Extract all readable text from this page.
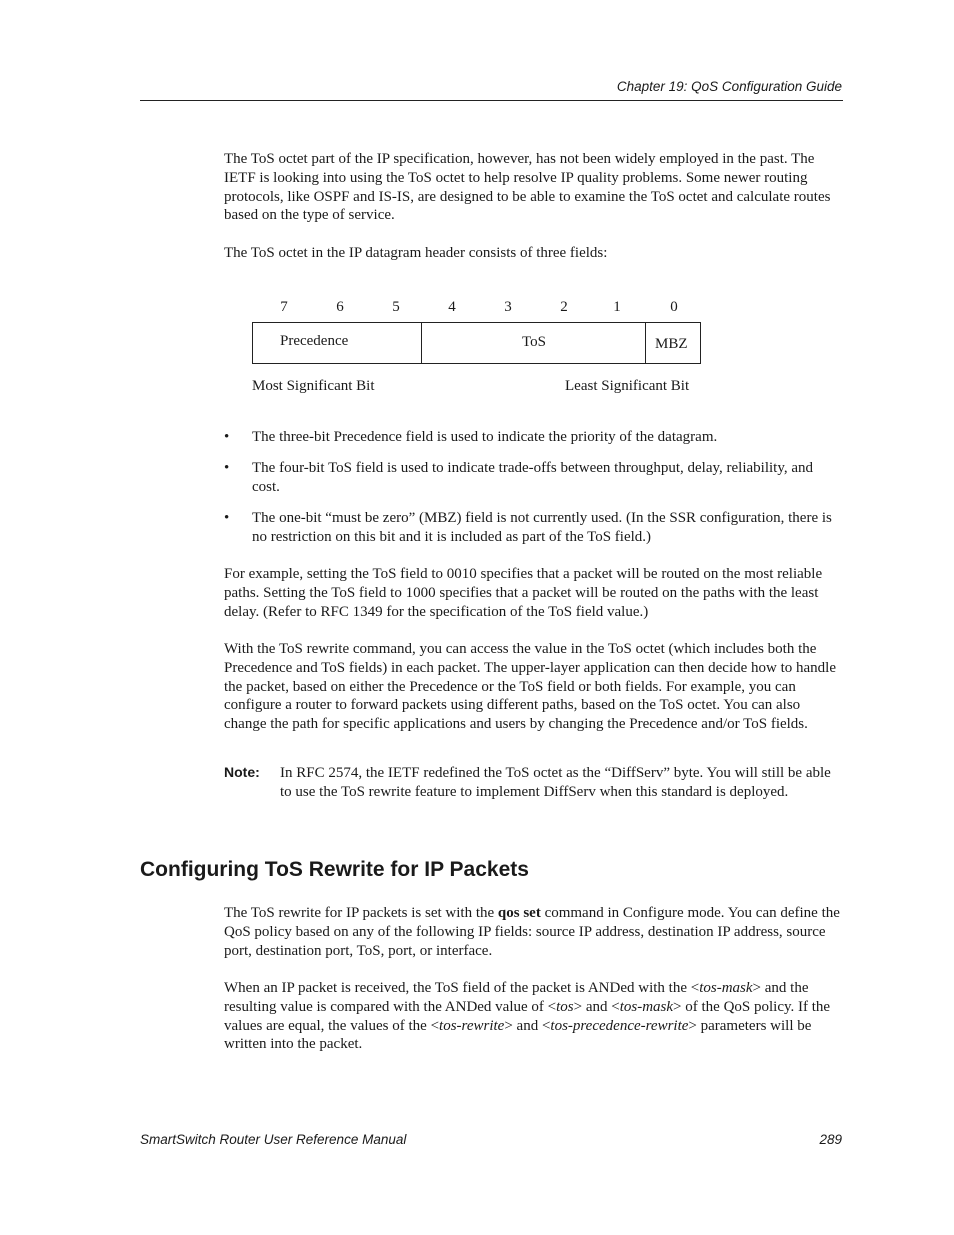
Chapter 19: QoS Configuration Guide
The ToS octet part of the IP specification, however, has not been widely employed in the past. The IETF is looking into using the ToS octet to help resolve IP quality problems. Some newer routing protocols, like OSPF and IS-IS, are designed to be able to examine the ToS octet and calculate routes based on the type of service.
The ToS octet in the IP datagram header consists of three fields:
7	6	5	4	3	2	1	0
Precedence	ToS	MBZ
Most Significant Bit	Least Significant Bit
• The three-bit Precedence field is used to indicate the priority of the datagram.
• The four-bit ToS field is used to indicate trade-offs between throughput, delay, reliability, and cost.
• The one-bit “must be zero” (MBZ) field is not currently used. (In the SSR configuration, there is no restriction on this bit and it is included as part of the ToS field.)
For example, setting the ToS field to 0010 specifies that a packet will be routed on the most reliable paths. Setting the ToS field to 1000 specifies that a packet will be routed on the paths with the least delay. (Refer to RFC 1349 for the specification of the ToS field value.)
With the ToS rewrite command, you can access the value in the ToS octet (which includes both the Precedence and ToS fields) in each packet. The upper-layer application can then decide how to handle the packet, based on either the Precedence or the ToS field or both fields. For example, you can configure a router to forward packets using different paths, based on the ToS octet. You can also change the path for specific applications and users by changing the Precedence and/or ToS fields.
Note: In RFC 2574, the IETF redefined the ToS octet as the “DiffServ” byte. You will still be able to use the ToS rewrite feature to implement DiffServ when this standard is deployed.
Configuring ToS Rewrite for IP Packets
The ToS rewrite for IP packets is set with the qos set command in Configure mode. You can define the QoS policy based on any of the following IP fields: source IP address, destination IP address, source port, destination port, ToS, port, or interface.
When an IP packet is received, the ToS field of the packet is ANDed with the <tos-mask> and the resulting value is compared with the ANDed value of <tos> and <tos-mask> of the QoS policy. If the values are equal, the values of the <tos-rewrite> and <tos-precedence-rewrite> parameters will be written into the packet.
SmartSwitch Router User Reference Manual	289
